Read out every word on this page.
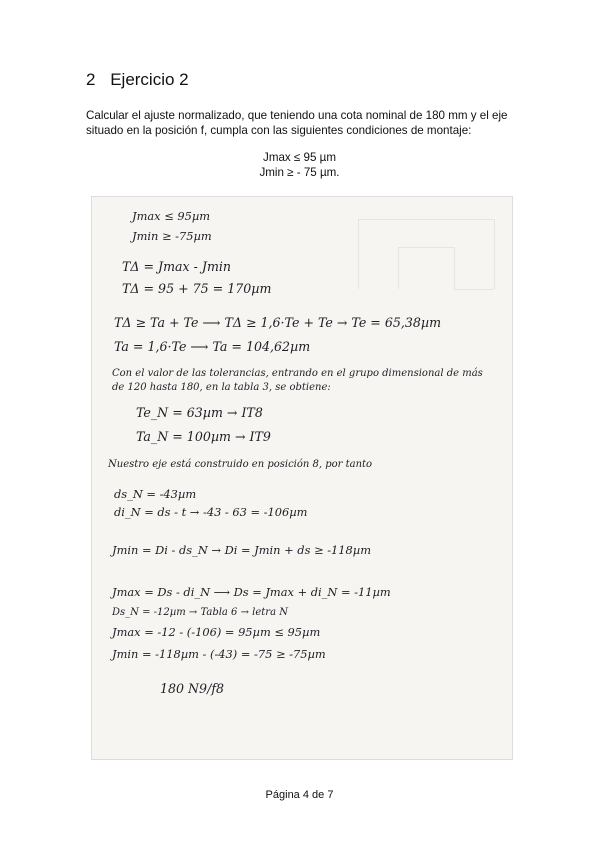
2 Ejercicio 2

Calcular el ajuste normalizado, que teniendo una cota nominal de 180 mm y el eje situado en la posición f, cumpla con las siguientes condiciones de montaje:

Jmax ≤ 95 µm
Jmin ≥ - 75 µm.
Jmax ≤ 95µm
Jmin ≥ -75µm
TΔ = Jmax - Jmin
TΔ = 95 + 75 = 170µm
TΔ ≥ Ta + Te ⟶ TΔ ≥ 1,6·Te + Te → Te = 65,38µm
Ta = 1,6·Te ⟶ Ta = 104,62µm
Con el valor de las tolerancias, entrando en el grupo dimensional de más de 120 hasta 180, en la tabla 3, se obtiene:
Te_N = 63µm → IT8
Ta_N = 100µm → IT9
Nuestro eje está construido en posición 8, por tanto
ds_N = -43µm
di_N = ds - t → -43 - 63 = -106µm
Jmin = Di - ds_N → Di = Jmin + ds ≥ -118µm
Jmax = Ds - di_N ⟶ Ds = Jmax + di_N = -11µm
Ds_N = -12µm → Tabla 6 → letra N
Jmax = -12 - (-106) = 95µm ≤ 95µm
Jmin = -118µm - (-43) = -75 ≥ -75µm
180 N9/f8

Página 4 de 7
